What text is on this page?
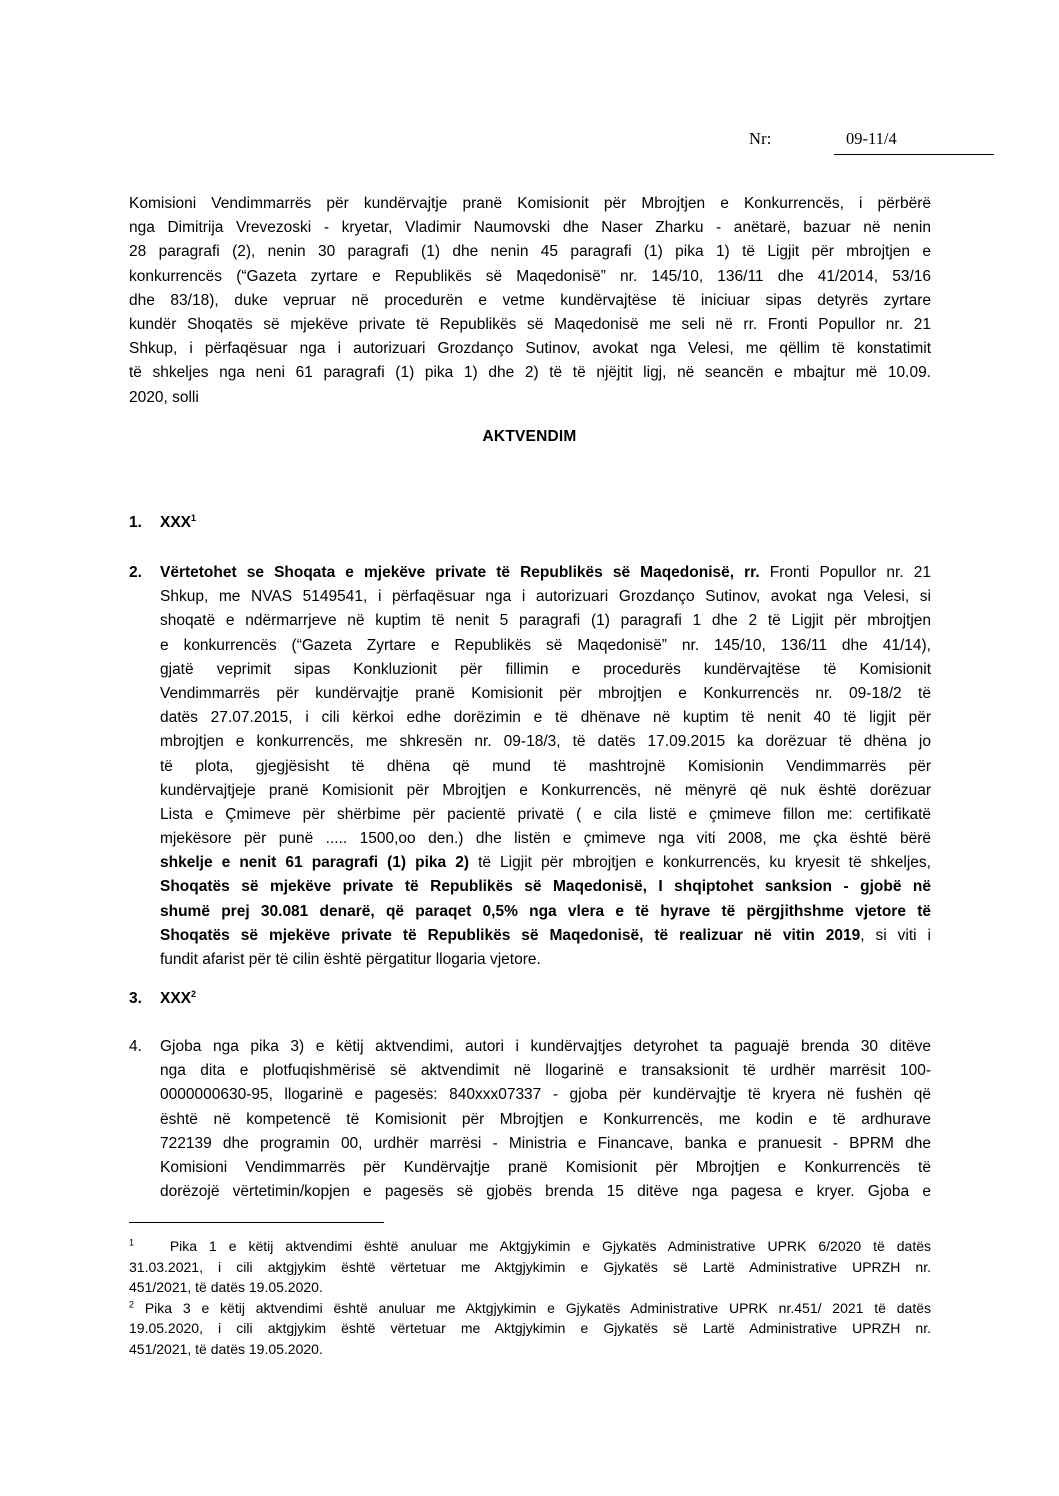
Nr:	09-11/4
Komisioni Vendimmarrës për kundërvajtje pranë Komisionit për Mbrojtjen e Konkurrencës, i përbërë
nga Dimitrija Vrevezoski - kryetar, Vladimir Naumovski dhe Naser Zharku - anëtarë, bazuar në nenin
28 paragrafi (2), nenin 30 paragrafi (1) dhe nenin 45 paragrafi (1) pika 1) të Ligjit për mbrojtjen e
konkurrencës (“Gazeta zyrtare e Republikës së Maqedonisë” nr. 145/10, 136/11 dhe 41/2014, 53/16
dhe 83/18), duke vepruar në procedurën e vetme kundërvajtëse të iniciuar sipas detyrës zyrtare
kundër Shoqatës së mjekëve private të Republikës së Maqedonisë me seli në rr. Fronti Popullor nr. 21
Shkup, i përfaqësuar nga i autorizuari Grozdanço Sutinov, avokat nga Velesi, me qëllim të konstatimit
të shkeljes nga neni 61 paragrafi (1) pika 1) dhe 2) të të njëjtit ligj, në seancën e mbajtur më 10.09.
2020, solli
AKTVENDIM
1. XXX$^1$
2. Vërtetohet se Shoqata e mjekëve private të Republikës së Maqedonisë, rr. Fronti Popullor nr. 21
Shkup, me NVAS 5149541, i përfaqësuar nga i autorizuari Grozdanço Sutinov, avokat nga Velesi, si
shoqatë e ndërmarrjeve në kuptim të nenit 5 paragrafi (1) paragrafi 1 dhe 2 të Ligjit për mbrojtjen
e konkurrencës (“Gazeta Zyrtare e Republikës së Maqedonisë” nr. 145/10, 136/11 dhe 41/14),
gjatë veprimit sipas Konkluzionit për fillimin e procedurës kundërvajtëse të Komisionit
Vendimmarrës për kundërvajtje pranë Komisionit për mbrojtjen e Konkurrencës nr. 09-18/2 të
datës 27.07.2015, i cili kërkoi edhe dorëzimin e të dhënave në kuptim të nenit 40 të ligjit për
mbrojtjen e konkurrencës, me shkresën nr. 09-18/3, të datës 17.09.2015 ka dorëzuar të dhëna jo
të plota, gjegjësisht të dhëna që mund të mashtrojnë Komisionin Vendimmarrës për
kundërvajtjeje pranë Komisionit për Mbrojtjen e Konkurrencës, në mënyrë që nuk është dorëzuar
Lista e Çmimeve për shërbime për pacientë privatë ( e cila listë e çmimeve fillon me: certifikatë
mjekësore për punë ..... 1500,oo den.) dhe listën e çmimeve nga viti 2008, me çka është bërë
shkelje e nenit 61 paragrafi (1) pika 2) të Ligjit për mbrojtjen e konkurrencës, ku kryesit të shkeljes,
Shoqatës së mjekëve private të Republikës së Maqedonisë, I shqiptohet sanksion - gjobë në
shumë prej 30.081 denarë, që paraqet 0,5% nga vlera e të hyrave të përgjithshme vjetore të
Shoqatës së mjekëve private të Republikës së Maqedonisë, të realizuar në vitin 2019, si viti i
fundit afarist për të cilin është përgatitur llogaria vjetore.
3. XXX$^2$
4. Gjoba nga pika 3) e këtij aktvendimi, autori i kundërvajtjes detyrohet ta paguajë brenda 30 ditëve
nga dita e plotfuqishmërisë së aktvendimit në llogarinë e transaksionit të urdhër marrësit 100-
0000000630-95, llogarinë e pagesës: 840xxx07337 - gjoba për kundërvajtje të kryera në fushën që
është në kompetencë të Komisionit për Mbrojtjen e Konkurrencës, me kodin e të ardhurave
722139 dhe programin 00, urdhër marrësi - Ministria e Financave, banka e pranuesit - BPRM dhe
Komisioni Vendimmarrës për Kundërvajtje pranë Komisionit për Mbrojtjen e Konkurrencës të
dorëzojë vërtetimin/kopjen e pagesës së gjobës brenda 15 ditëve nga pagesa e kryer. Gjoba e
$^1$   Pika 1 e këtij aktvendimi është anuluar me Aktgjykimin e Gjykatës Administrative UPRK 6/2020 të datës
31.03.2021, i cili aktgjykim është vërtetuar me Aktgjykimin e Gjykatës së Lartë Administrative UPRZH nr.
451/2021, të datës 19.05.2020.
$^2$ Pika 3 e këtij aktvendimi është anuluar me Aktgjykimin e Gjykatës Administrative UPRK nr.451/ 2021 të datës
19.05.2020, i cili aktgjykim është vërtetuar me Aktgjykimin e Gjykatës së Lartë Administrative UPRZH nr.
451/2021, të datës 19.05.2020.
